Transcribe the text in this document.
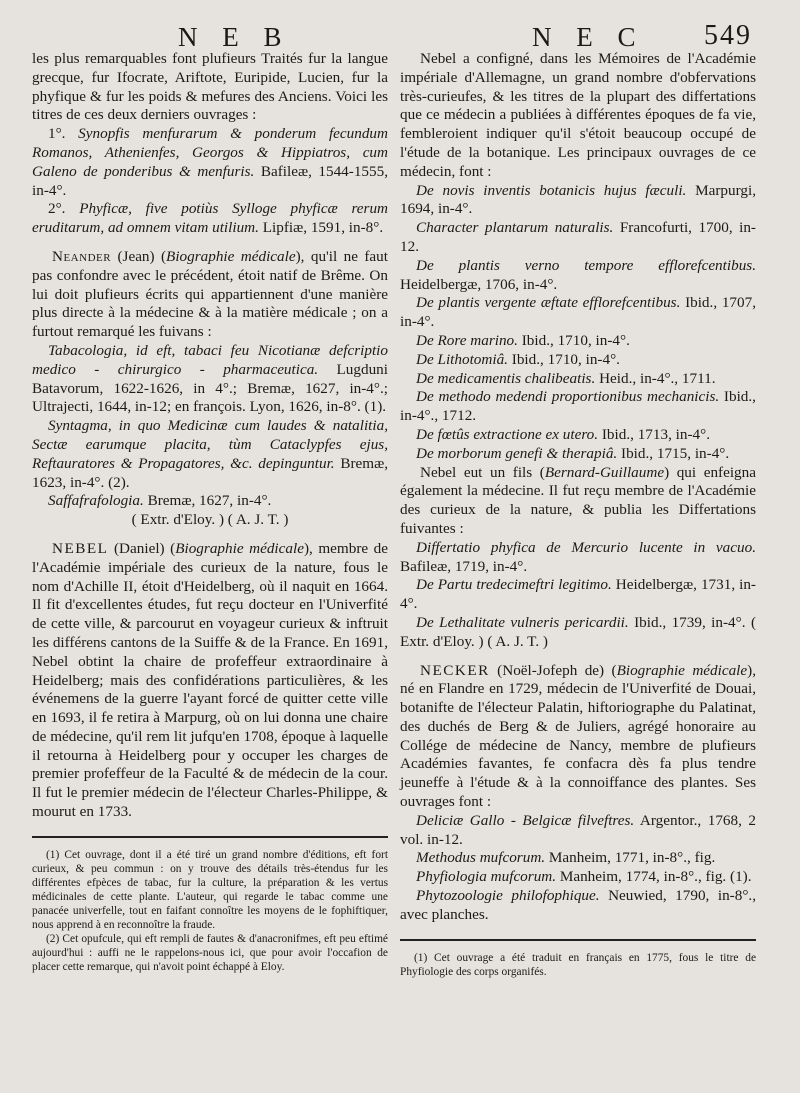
N E B	N E C 549

les plus remarquables font plufieurs Traités fur la langue grecque, fur Ifocrate, Ariftote, Euripide, Lucien, fur la phyfique & fur les poids & mefures des Anciens. Voici les titres de ces deux derniers ouvrages :

1°. Synopfis menfurarum & ponderum fecundum Romanos, Athenienfes, Georgos & Hippiatros, cum Galeno de ponderibus & menfuris. Bafileæ, 1544-1555, in-4°.

2°. Phyficæ, five potiùs Sylloge phyficæ rerum eruditarum, ad omnem vitam utilium. Lipfiæ, 1591, in-8°.

Neander (Jean) (Biographie médicale), qu'il ne faut pas confondre avec le précédent, étoit natif de Brême. On lui doit plufieurs écrits qui appartiennent d'une manière plus directe à la médecine & à la matière médicale ; on a furtout remarqué les fuivans :

Tabacologia, id eft, tabaci feu Nicotianæ defcriptio medico - chirurgico - pharmaceutica. Lugduni Batavorum, 1622-1626, in 4°.; Bremæ, 1627, in-4°.; Ultrajecti, 1644, in-12; en françois. Lyon, 1626, in-8°. (1).

Syntagma, in quo Medicinæ cum laudes & natalitia, Sectæ earumque placita, tùm Cataclypfes ejus, Reftauratores & Propagatores, &c. depinguntur. Bremæ, 1623, in-4°. (2).

Saffafrafologia. Bremæ, 1627, in-4°.

( Extr. d'Eloy. ) ( A. J. T. )

NEBEL (Daniel) (Biographie médicale), membre de l'Académie impériale des curieux de la nature, fous le nom d'Achille II, étoit d'Heidelberg, où il naquit en 1664. Il fit d'excellentes études, fut reçu docteur en l'Univerfité de cette ville, & parcourut en voyageur curieux & inftruit les différens cantons de la Suiffe & de la France. En 1691, Nebel obtint la chaire de profeffeur extraordinaire à Heidelberg; mais des confidérations particulières, & les événemens de la guerre l'ayant forcé de quitter cette ville en 1693, il fe retira à Marpurg, où on lui donna une chaire de médecine, qu'il rem lit jufqu'en 1708, époque à laquelle il retourna à Heidelberg pour y occuper les charges de premier profeffeur de la Faculté & de médecin de la cour. Il fut le premier médecin de l'électeur Charles-Philippe, & mourut en 1733.

(1) Cet ouvrage, dont il a été tiré un grand nombre d'éditions, eft fort curieux, & peu commun : on y trouve des détails très-étendus fur les différentes efpèces de tabac, fur la culture, la préparation & les vertus médicinales de cette plante. L'auteur, qui regarde le tabac comme une panacée univerfelle, tout en faifant connoître les moyens de le fophiftiquer, nous apprend à en reconnoître la fraude.

(2) Cet opufcule, qui eft rempli de fautes & d'anacronifmes, eft peu eftimé aujourd'hui : auffi ne le rappelons-nous ici, que pour avoir l'occafion de placer cette remarque, qui n'avoit point échappé à Eloy.

Nebel a configné, dans les Mémoires de l'Académie impériale d'Allemagne, un grand nombre d'obfervations très-curieufes, & les titres de la plupart des differtations que ce médecin a publiées à différentes époques de fa vie, fembleroient indiquer qu'il s'étoit beaucoup occupé de l'étude de la botanique. Les principaux ouvrages de ce médecin, font :

De novis inventis botanicis hujus fæculi. Marpurgi, 1694, in-4°.

Character plantarum naturalis. Francofurti, 1700, in-12.

De plantis verno tempore efflorefcentibus. Heidelbergæ, 1706, in-4°.

De plantis vergente æftate efflorefcentibus. Ibid., 1707, in-4°.

De Rore marino. Ibid., 1710, in-4°.

De Lithotomiâ. Ibid., 1710, in-4°.

De medicamentis chalibeatis. Heid., in-4°., 1711.

De methodo medendi proportionibus mechanicis. Ibid., in-4°., 1712.

De fœtûs extractione ex utero. Ibid., 1713, in-4°.

De morborum genefi & therapiâ. Ibid., 1715, in-4°.

Nebel eut un fils (Bernard-Guillaume) qui enfeigna également la médecine. Il fut reçu membre de l'Académie des curieux de la nature, & publia les Differtations fuivantes :

Differtatio phyfica de Mercurio lucente in vacuo. Bafileæ, 1719, in-4°.

De Partu tredecimeftri legitimo. Heidelbergæ, 1731, in-4°.

De Lethalitate vulneris pericardii. Ibid., 1739, in-4°. ( Extr. d'Eloy. ) ( A. J. T. )

NECKER (Noël-Jofeph de) (Biographie médicale), né en Flandre en 1729, médecin de l'Univerfité de Douai, botanifte de l'électeur Palatin, hiftoriographe du Palatinat, des duchés de Berg & de Juliers, agrégé honoraire au Collége de médecine de Nancy, membre de plufieurs Académies favantes, fe confacra dès fa plus tendre jeuneffe à l'étude & à la connoiffance des plantes. Ses ouvrages font :

Deliciæ Gallo - Belgicæ filveftres. Argentor., 1768, 2 vol. in-12.

Methodus mufcorum. Manheim, 1771, in-8°., fig.

Phyfiologia mufcorum. Manheim, 1774, in-8°., fig. (1).

Phytozoologie philofophique. Neuwied, 1790, in-8°., avec planches.

(1) Cet ouvrage a été traduit en français en 1775, fous le titre de Phyfiologie des corps organifés.
